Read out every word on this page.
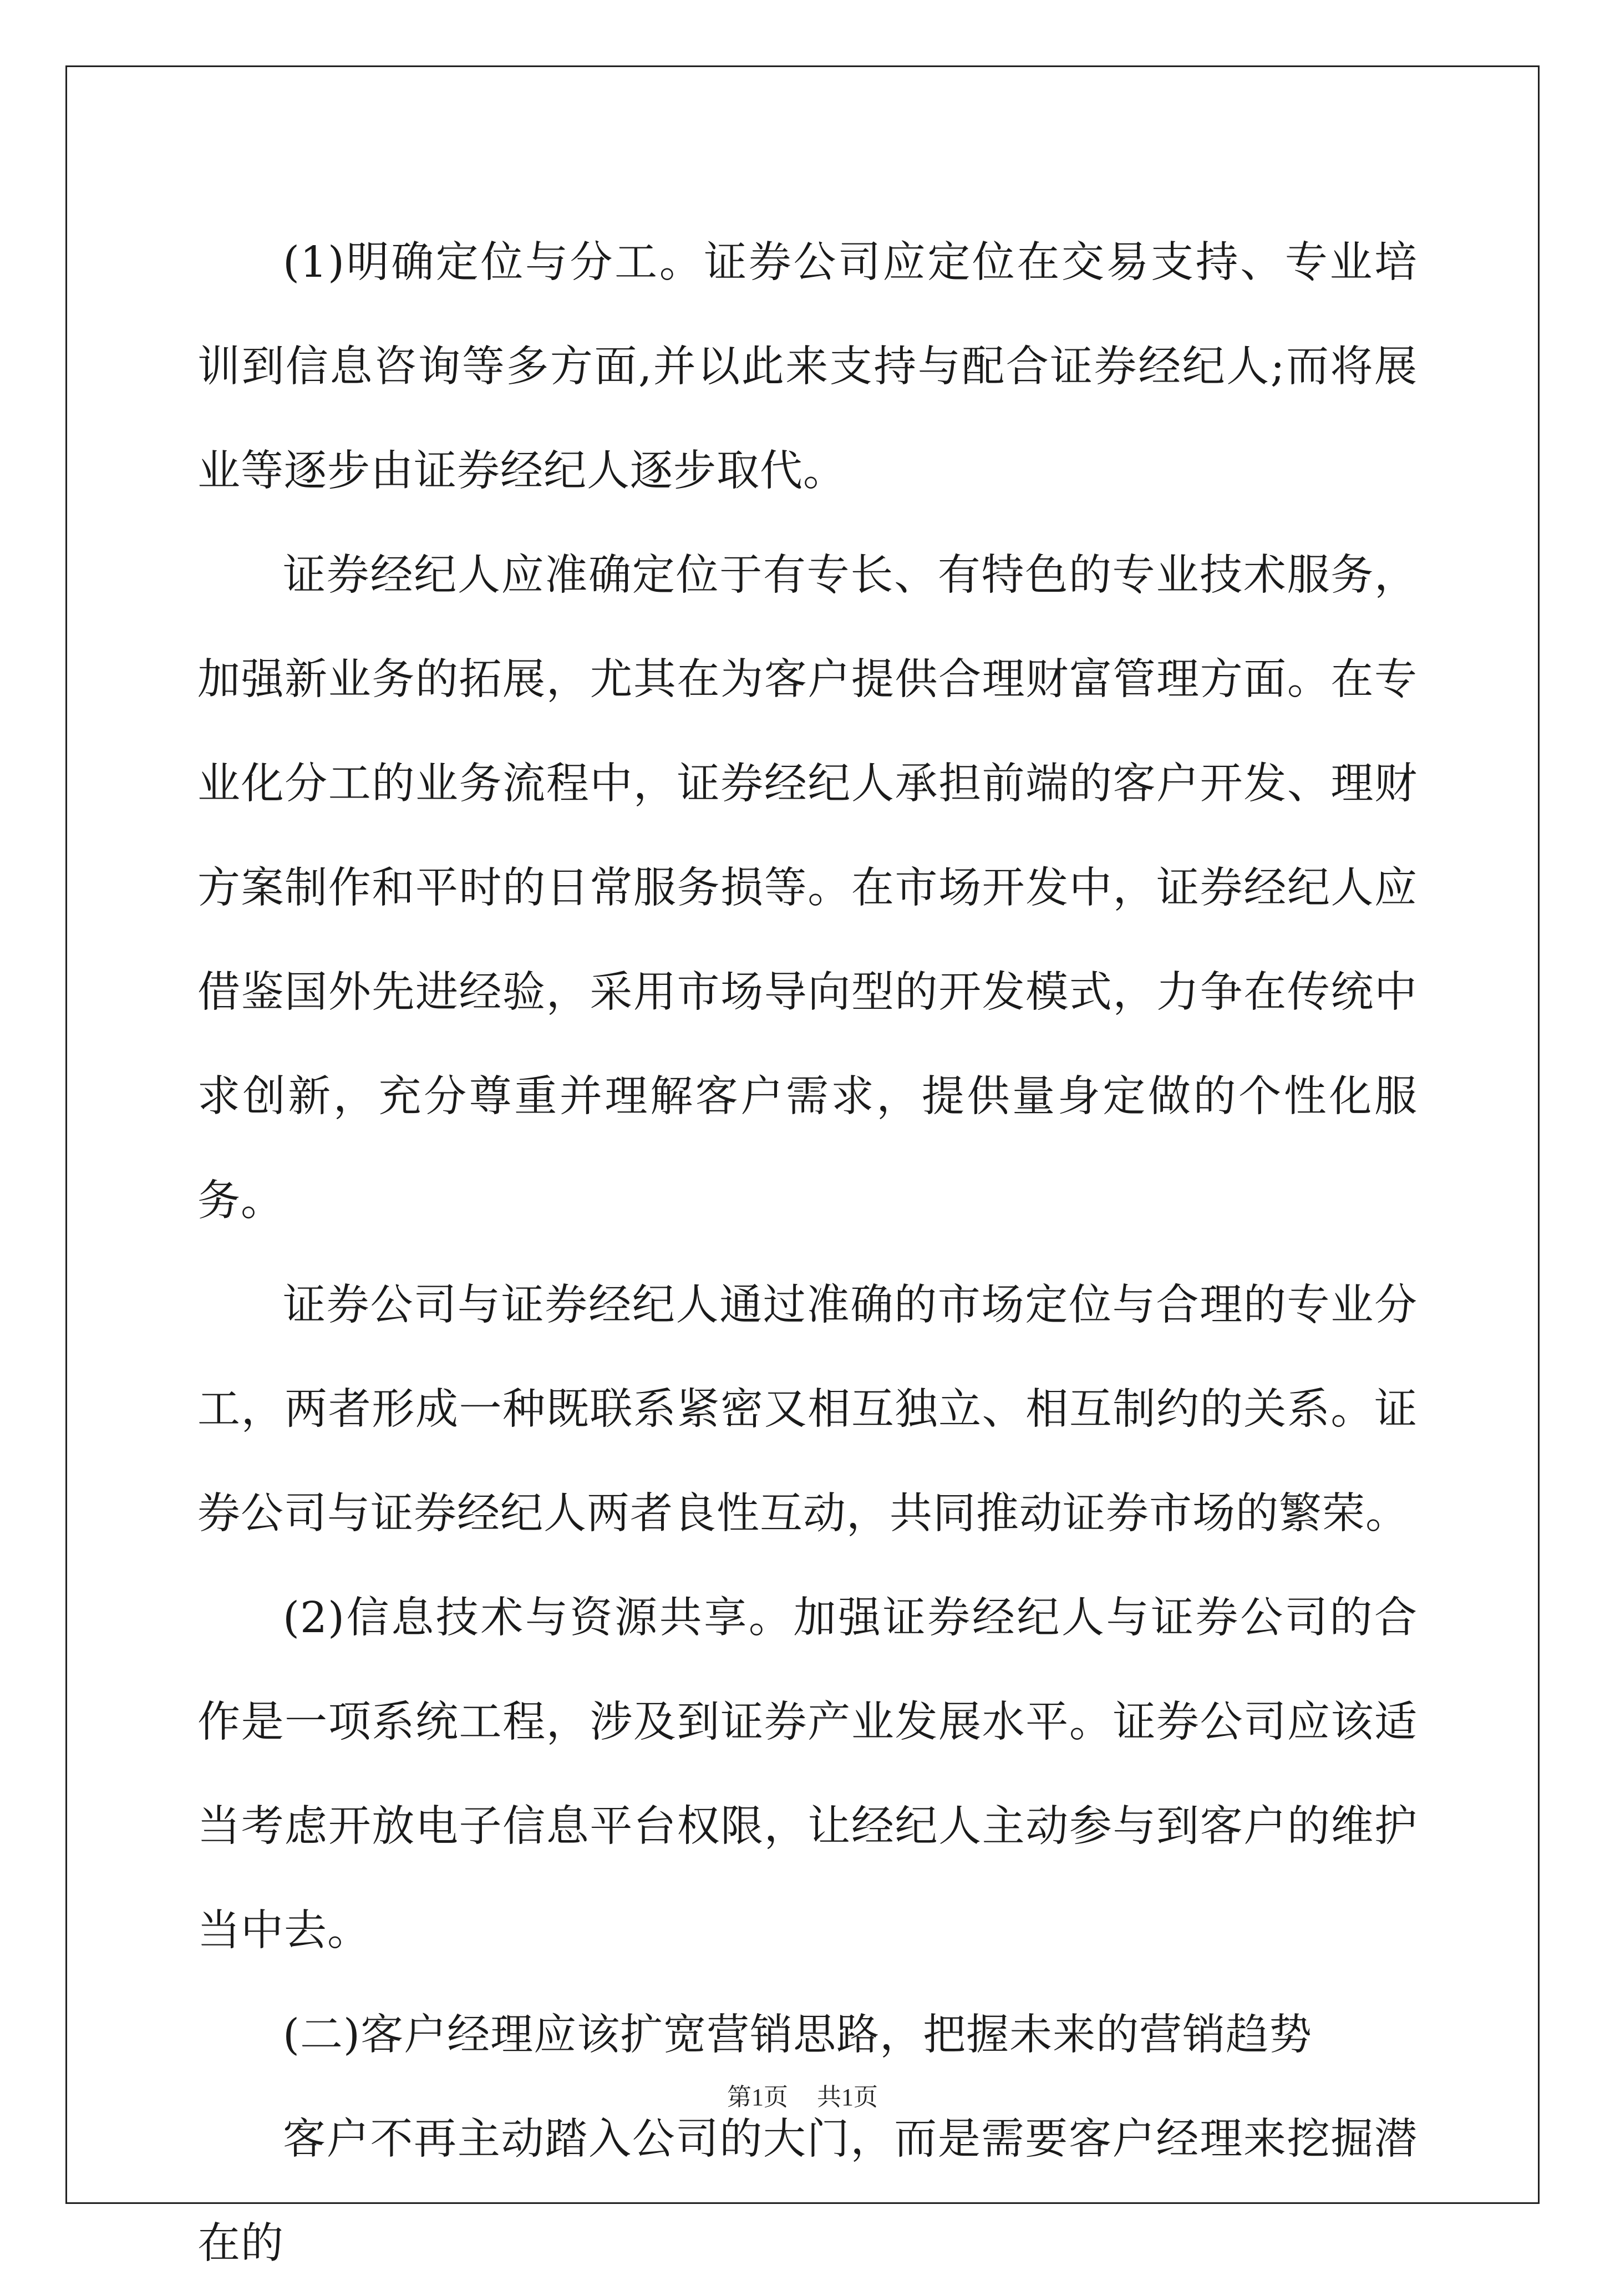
(1)明确定位与分工。证券公司应定位在交易支持、专业培训到信息咨询等多方面,并以此来支持与配合证券经纪人;而将展业等逐步由证券经纪人逐步取代。

证券经纪人应准确定位于有专长、有特色的专业技术服务，加强新业务的拓展，尤其在为客户提供合理财富管理方面。在专业化分工的业务流程中，证券经纪人承担前端的客户开发、理财方案制作和平时的日常服务损等。在市场开发中，证券经纪人应借鉴国外先进经验，采用市场导向型的开发模式，力争在传统中求创新，充分尊重并理解客户需求，提供量身定做的个性化服务。

证券公司与证券经纪人通过准确的市场定位与合理的专业分工，两者形成一种既联系紧密又相互独立、相互制约的关系。证券公司与证券经纪人两者良性互动，共同推动证券市场的繁荣。

(2)信息技术与资源共享。加强证券经纪人与证券公司的合作是一项系统工程，涉及到证券产业发展水平。证券公司应该适当考虑开放电子信息平台权限，让经纪人主动参与到客户的维护当中去。

(二)客户经理应该扩宽营销思路，把握未来的营销趋势

客户不再主动踏入公司的大门，而是需要客户经理来挖掘潜在的

第1页 共1页
